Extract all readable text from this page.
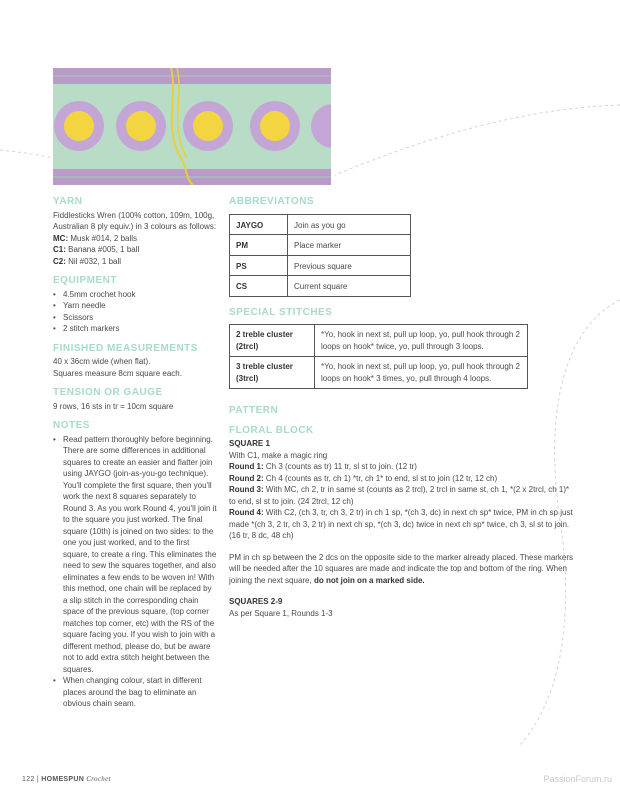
YARN

Fiddlesticks Wren (100% cotton, 109m, 100g, Australian 8 ply equiv.) in 3 colours as follows:

MC: Musk #014, 2 balls

C1: Banana #005, 1 ball

C2: Nil #032, 1 ball

EQUIPMENT
• 4.5mm crochet hook
• Yarn needle
• Scissors
• 2 stitch markers
FINISHED MEASUREMENTS

40 x 36cm wide (when flat).

Squares measure 8cm square each.

TENSION OR GAUGE

9 rows, 16 sts in tr = 10cm square

NOTES
• Read pattern thoroughly before beginning. There are some differences in additional squares to create an easier and flatter join using JAYGO (join-as-you-go technique). You'll complete the first square, then you'll work the next 8 squares separately to Round 3. As you work Round 4, you'll join it to the square you just worked. The final square (10th) is joined on two sides: to the one you just worked, and to the first square, to create a ring. This eliminates the need to sew the squares together, and also eliminates a few ends to be woven in! With this method, one chain will be replaced by a slip stitch in the corresponding chain space of the previous square, (top corner matches top corner, etc) with the RS of the square facing you. If you wish to join with a different method, please do, but be aware not to add extra stitch height between the squares.
• When changing colour, start in different places around the bag to eliminate an obvious chain seam.
ABBREVIATONS
JAYGO	Join as you go
PM	Place marker
PS	Previous square
CS	Current square
SPECIAL STITCHES
2 treble cluster (2trcl)	*Yo, hook in next st, pull up loop, yo, pull hook through 2 loops on hook* twice, yo, pull through 3 loops.
3 treble cluster (3trcl)	*Yo, hook in next st, pull up loop, yo, pull hook through 2 loops on hook* 3 times, yo, pull through 4 loops.
PATTERN
FLORAL BLOCK

SQUARE 1

With C1, make a magic ring

Round 1: Ch 3 (counts as tr) 11 tr, sl st to join. (12 tr)

Round 2: Ch 4 (counts as tr, ch 1) *tr, ch 1* to end, sl st to join (12 tr, 12 ch)

Round 3: With MC, ch 2, tr in same st (counts as 2 trcl), 2 trcl in same st, ch 1, *(2 x 2trcl, ch 1)* to end, sl st to join. (24 2trcl, 12 ch)

Round 4: With C2, (ch 3, tr, ch 3, 2 tr) in ch 1 sp, *(ch 3, dc) in next ch sp* twice, PM in ch sp just made *(ch 3, 2 tr, ch 3, 2 tr) in next ch sp, *(ch 3, dc) twice in next ch sp* twice, ch 3, sl st to join. (16 tr, 8 dc, 48 ch)

PM in ch sp between the 2 dcs on the opposite side to the marker already placed. These markers will be needed after the 10 squares are made and indicate the top and bottom of the ring. When joining the next square, do not join on a marked side.

SQUARES 2-9

As per Square 1, Rounds 1-3

122 | HOMESPUN Crochet	PassionForum.ru
